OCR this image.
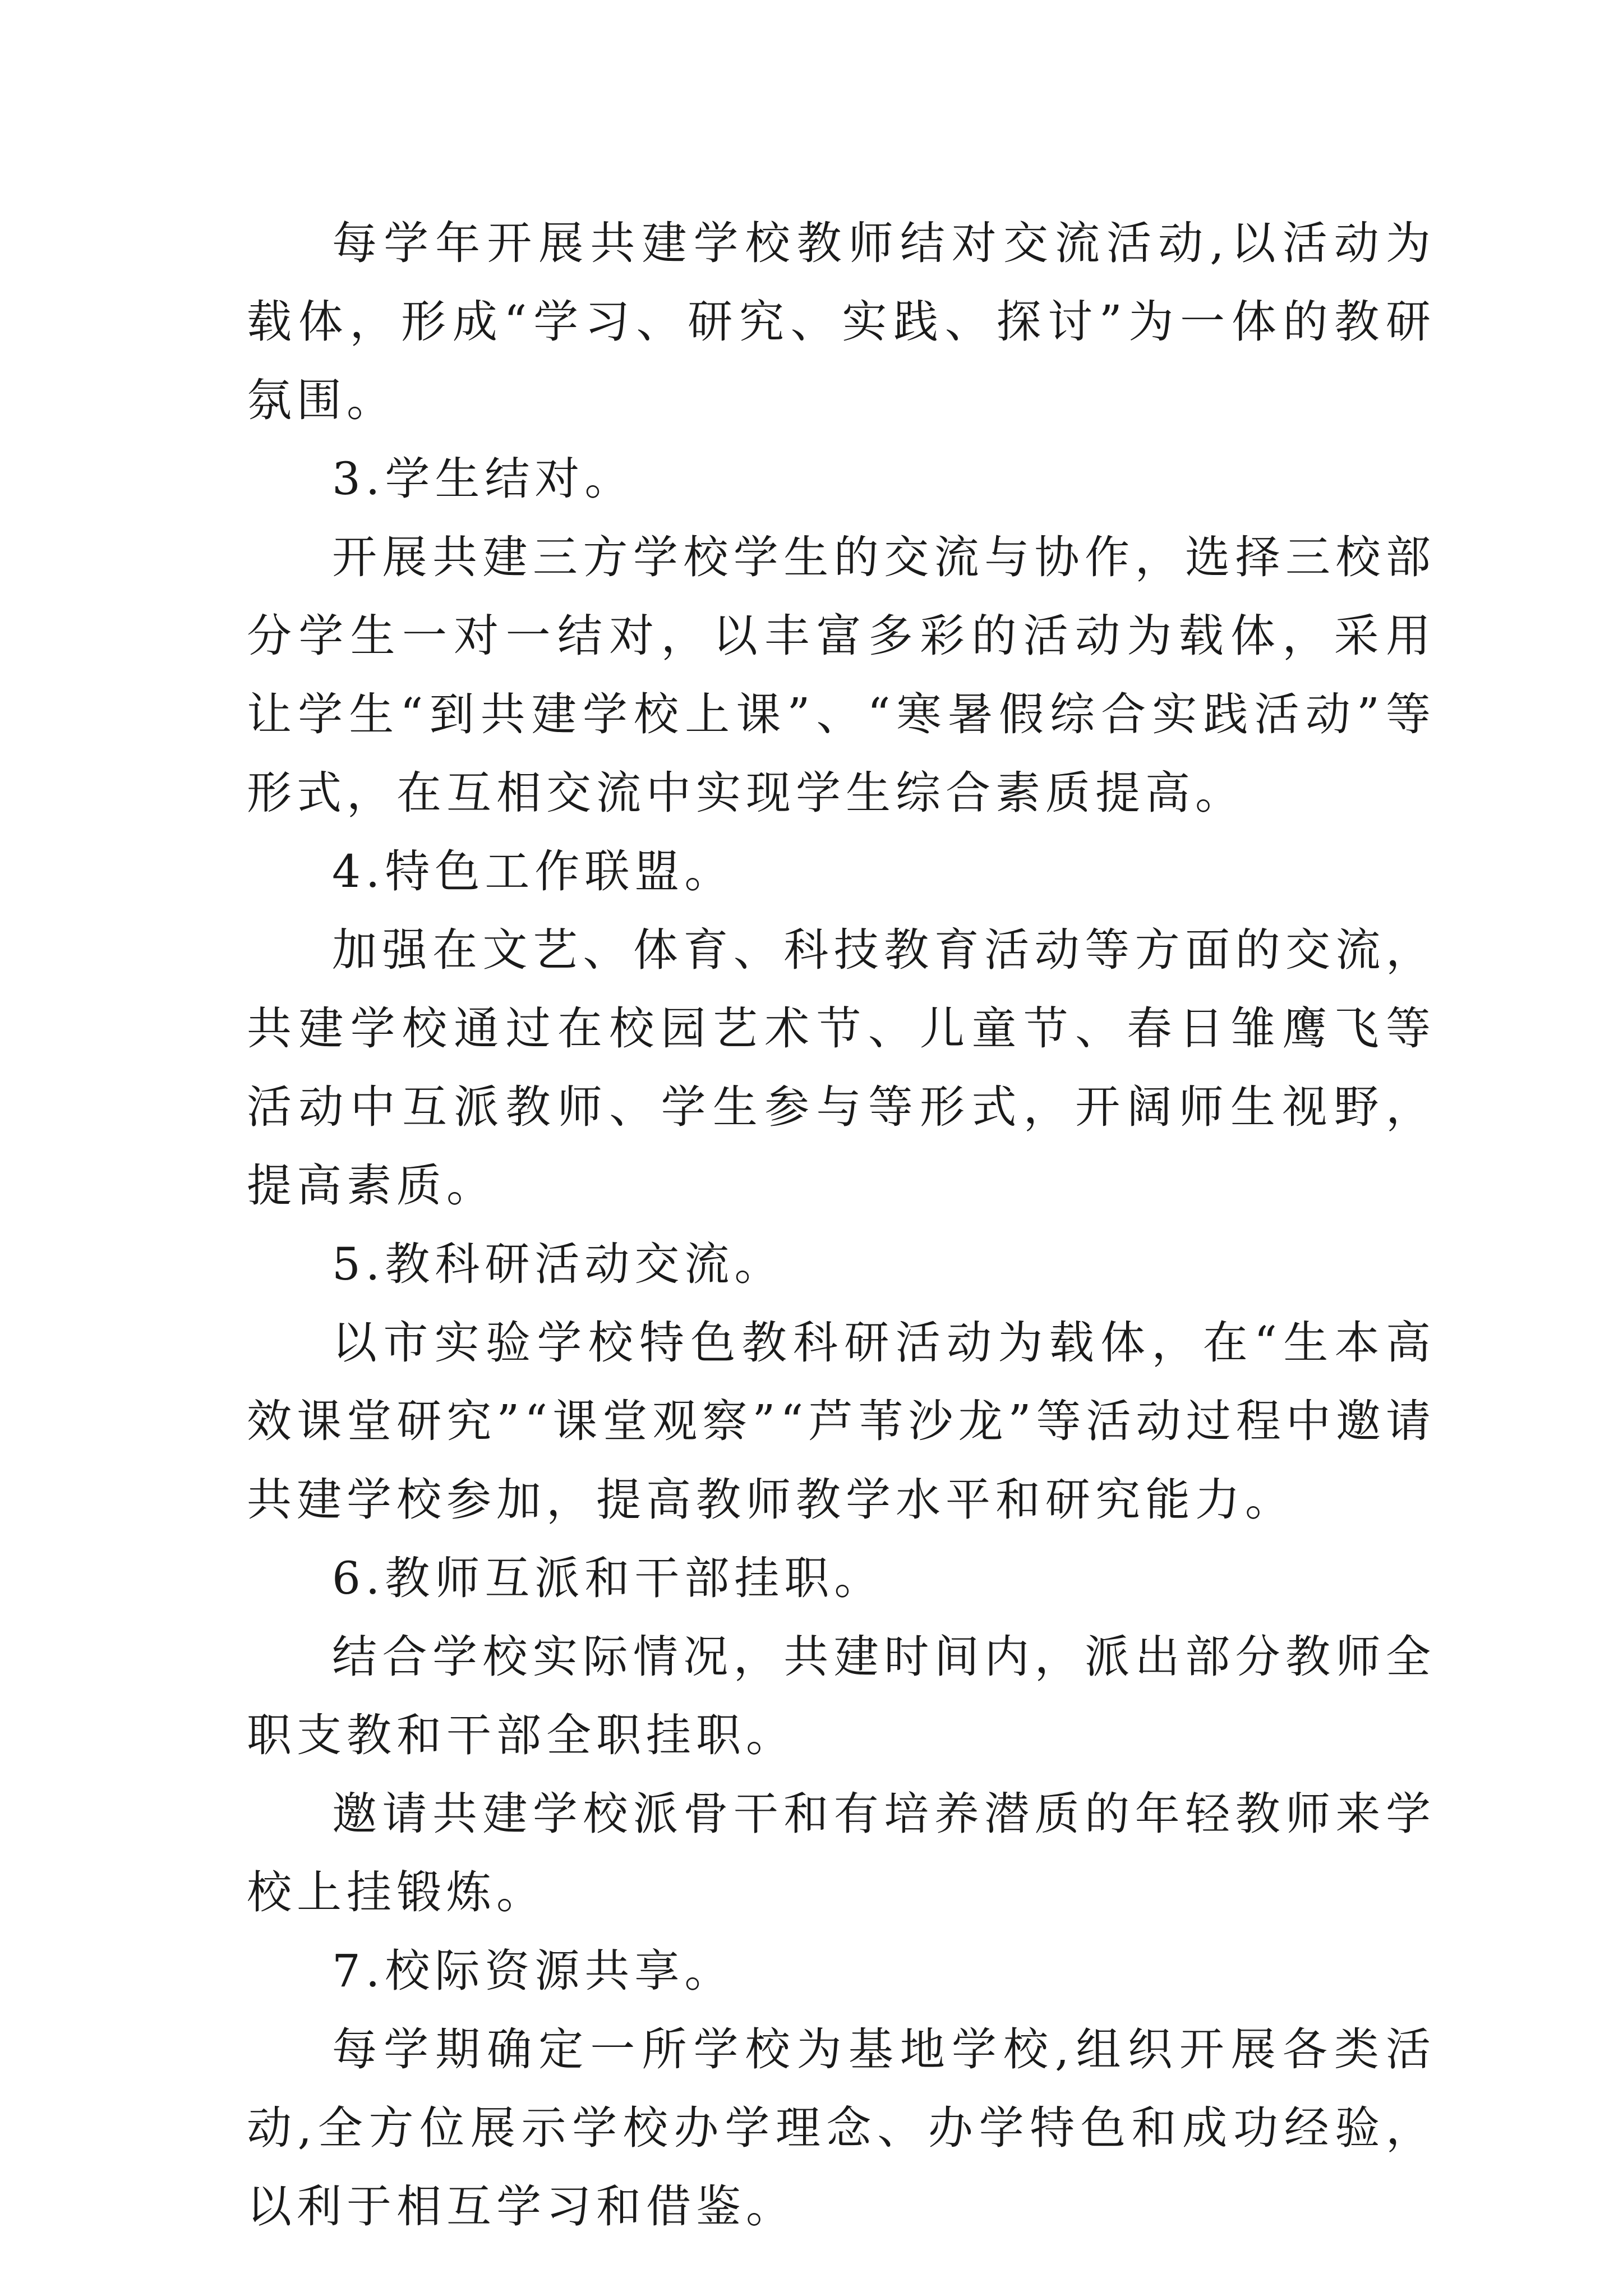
每学年开展共建学校教师结对交流活动,以活动为载体，形成“学习、研究、实践、探讨”为一体的教研氛围。

3.学生结对。

开展共建三方学校学生的交流与协作，选择三校部分学生一对一结对，以丰富多彩的活动为载体，采用让学生“到共建学校上课”、“寒暑假综合实践活动”等形式，在互相交流中实现学生综合素质提高。

4.特色工作联盟。

加强在文艺、体育、科技教育活动等方面的交流，共建学校通过在校园艺术节、儿童节、春日雏鹰飞等活动中互派教师、学生参与等形式，开阔师生视野，提高素质。

5.教科研活动交流。

以市实验学校特色教科研活动为载体，在“生本高效课堂研究”“课堂观察”“芦苇沙龙”等活动过程中邀请共建学校参加，提高教师教学水平和研究能力。

6.教师互派和干部挂职。

结合学校实际情况，共建时间内，派出部分教师全职支教和干部全职挂职。

邀请共建学校派骨干和有培养潜质的年轻教师来学校上挂锻炼。

7.校际资源共享。

每学期确定一所学校为基地学校,组织开展各类活动,全方位展示学校办学理念、办学特色和成功经验，以利于相互学习和借鉴。
